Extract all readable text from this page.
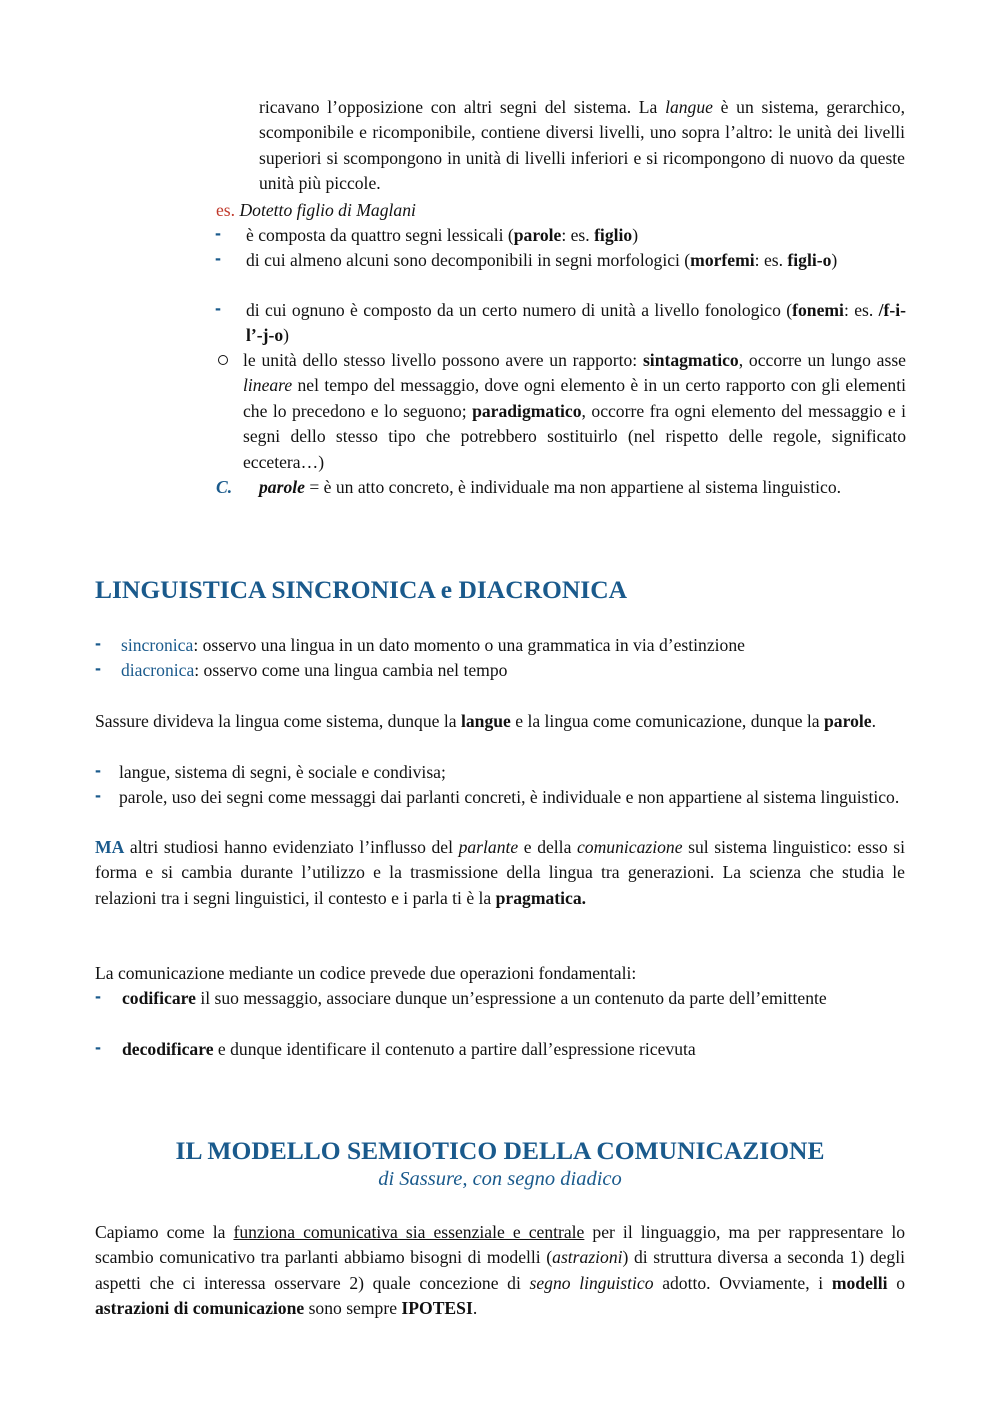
ricavano l’opposizione con altri segni del sistema. La langue è un sistema, gerarchico, scomponibile e ricomponibile, contiene diversi livelli, uno sopra l’altro: le unità dei livelli superiori si scompongono in unità di livelli inferiori e si ricompongono di nuovo da queste unità più piccole.
es. Dotetto figlio di Maglani
- è composta da quattro segni lessicali (parole: es. figlio)
- di cui almeno alcuni sono decomponibili in segni morfologici (morfemi: es. figli-o)
- di cui ognuno è composto da un certo numero di unità a livello fonologico (fonemi: es. /f-i-l’-j-o)
le unità dello stesso livello possono avere un rapporto: sintagmatico, occorre un lungo asse lineare nel tempo del messaggio, dove ogni elemento è in un certo rapporto con gli elementi che lo precedono e lo seguono; paradigmatico, occorre fra ogni elemento del messaggio e i segni dello stesso tipo che potrebbero sostituirlo (nel rispetto delle regole, significato eccetera…)
C. parole = è un atto concreto, è individuale ma non appartiene al sistema linguistico.
LINGUISTICA SINCRONICA e DIACRONICA
- sincronica: osservo una lingua in un dato momento o una grammatica in via d’estinzione
- diacronica: osservo come una lingua cambia nel tempo
Sassure divideva la lingua come sistema, dunque la langue e la lingua come comunicazione, dunque la parole.
- langue, sistema di segni, è sociale e condivisa;
- parole, uso dei segni come messaggi dai parlanti concreti, è individuale e non appartiene al sistema linguistico.
MA altri studiosi hanno evidenziato l’influsso del parlante e della comunicazione sul sistema linguistico: esso si forma e si cambia durante l’utilizzo e la trasmissione della lingua tra generazioni. La scienza che studia le relazioni tra i segni linguistici, il contesto e i parla ti è la pragmatica.
La comunicazione mediante un codice prevede due operazioni fondamentali:
- codificare il suo messaggio, associare dunque un’espressione a un contenuto da parte dell’emittente
- decodificare e dunque identificare il contenuto a partire dall’espressione ricevuta
IL MODELLO SEMIOTICO DELLA COMUNICAZIONE
di Sassure, con segno diadico
Capiamo come la funziona comunicativa sia essenziale e centrale per il linguaggio, ma per rappresentare lo scambio comunicativo tra parlanti abbiamo bisogni di modelli (astrazioni) di struttura diversa a seconda 1) degli aspetti che ci interessa osservare 2) quale concezione di segno linguistico adotto. Ovviamente, i modelli o astrazioni di comunicazione sono sempre IPOTESI.
